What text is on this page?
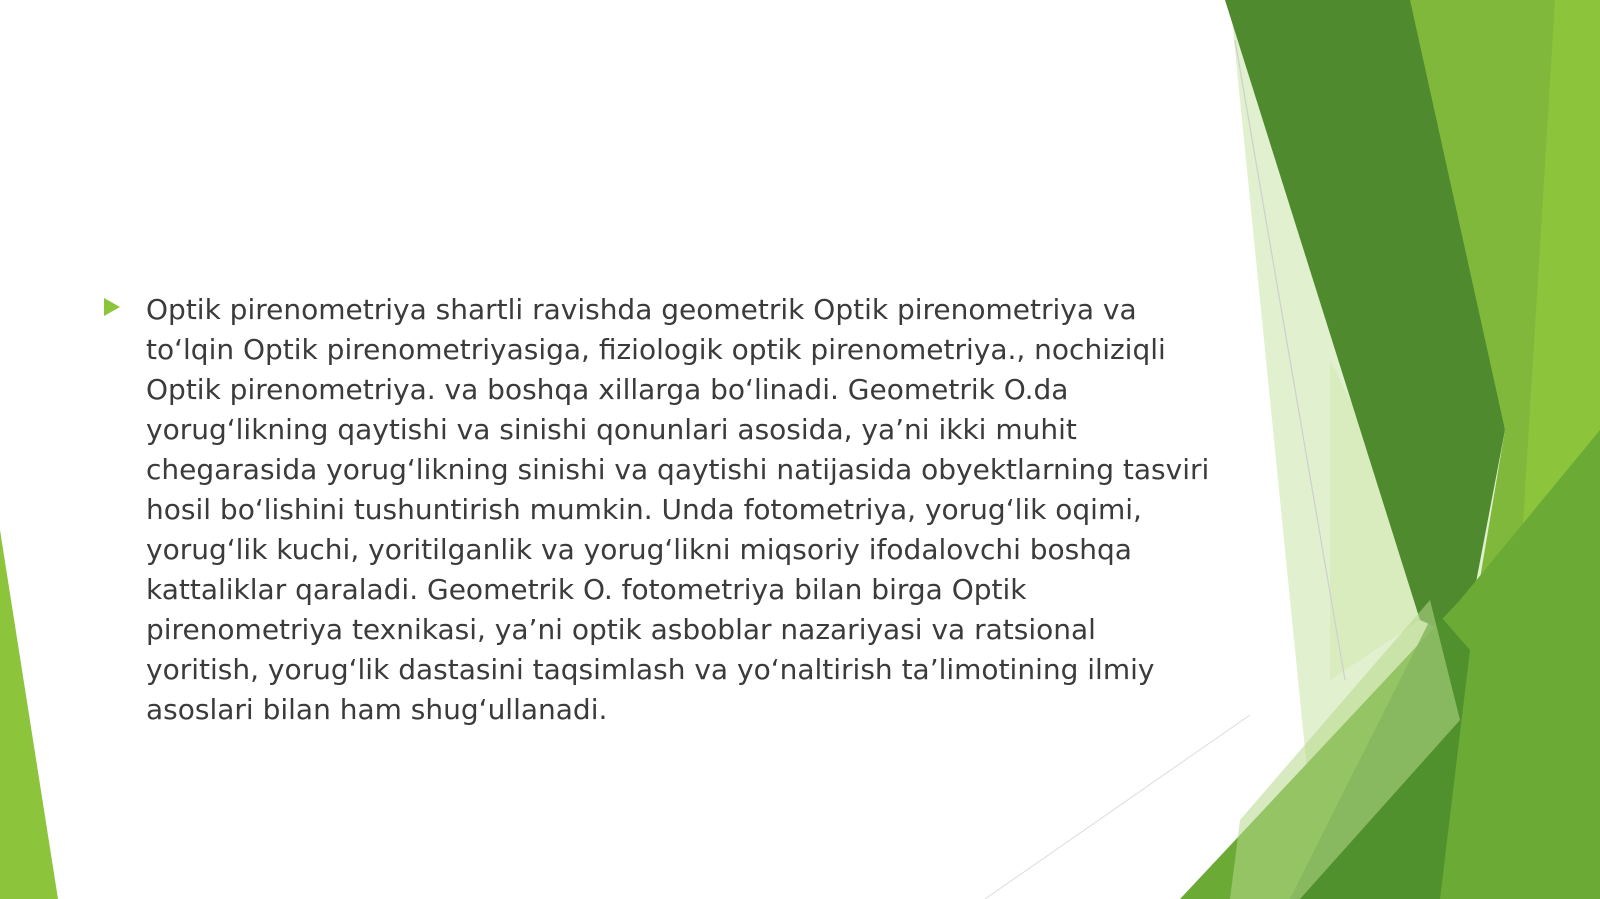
Optik pirenometriya shartli ravishda geometrik Optik pirenometriya va to‘lqin Optik pirenometriyasiga, fiziologik optik pirenometriya., nochiziqli Optik pirenometriya. va boshqa xillarga bo‘linadi. Geometrik O.da yorug‘likning qaytishi va sinishi qonunlari asosida, ya’ni ikki muhit chegarasida yorug‘likning sinishi va qaytishi natijasida obyektlarning tasviri hosil bo‘lishini tushuntirish mumkin. Unda fotometriya, yorug‘lik oqimi, yorug‘lik kuchi, yoritilganlik va yorug‘likni miqsoriy ifodalovchi boshqa kattaliklar qaraladi. Geometrik O. fotometriya bilan birga Optik pirenometriya texnikasi, ya’ni optik asboblar nazariyasi va ratsional yoritish, yorug‘lik dastasini taqsimlash va yo‘naltirish ta’limotining ilmiy asoslari bilan ham shug‘ullanadi.
